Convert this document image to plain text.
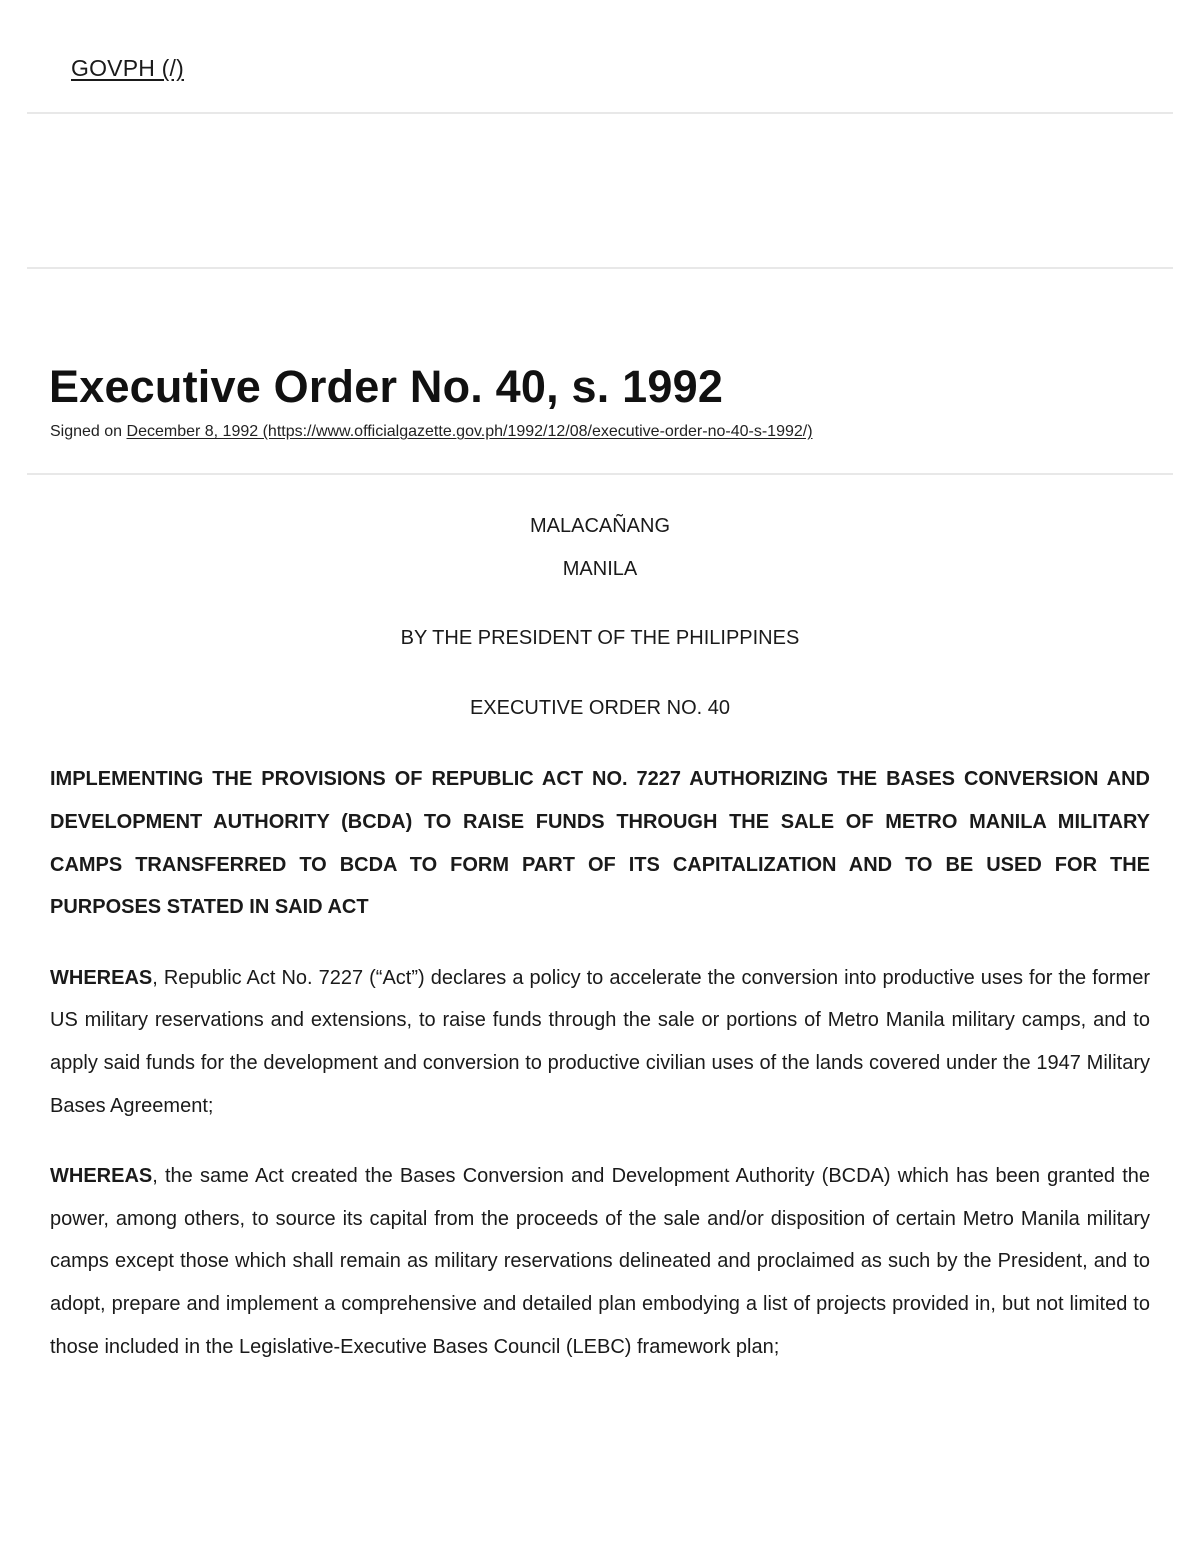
GOVPH (/)
Executive Order No. 40, s. 1992
Signed on December 8, 1992 (https://www.officialgazette.gov.ph/1992/12/08/executive-order-no-40-s-1992/)

MALACAÑANG

MANILA

BY THE PRESIDENT OF THE PHILIPPINES

EXECUTIVE ORDER NO. 40

IMPLEMENTING THE PROVISIONS OF REPUBLIC ACT NO. 7227 AUTHORIZING THE BASES CONVERSION AND DEVELOPMENT AUTHORITY (BCDA) TO RAISE FUNDS THROUGH THE SALE OF METRO MANILA MILITARY CAMPS TRANSFERRED TO BCDA TO FORM PART OF ITS CAPITALIZATION AND TO BE USED FOR THE PURPOSES STATED IN SAID ACT

WHEREAS, Republic Act No. 7227 (“Act”) declares a policy to accelerate the conversion into productive uses for the former US military reservations and extensions, to raise funds through the sale or portions of Metro Manila military camps, and to apply said funds for the development and conversion to productive civilian uses of the lands covered under the 1947 Military Bases Agreement;

WHEREAS, the same Act created the Bases Conversion and Development Authority (BCDA) which has been granted the power, among others, to source its capital from the proceeds of the sale and/or disposition of certain Metro Manila military camps except those which shall remain as military reservations delineated and proclaimed as such by the President, and to adopt, prepare and implement a comprehensive and detailed plan embodying a list of projects provided in, but not limited to those included in the Legislative-Executive Bases Council (LEBC) framework plan;
